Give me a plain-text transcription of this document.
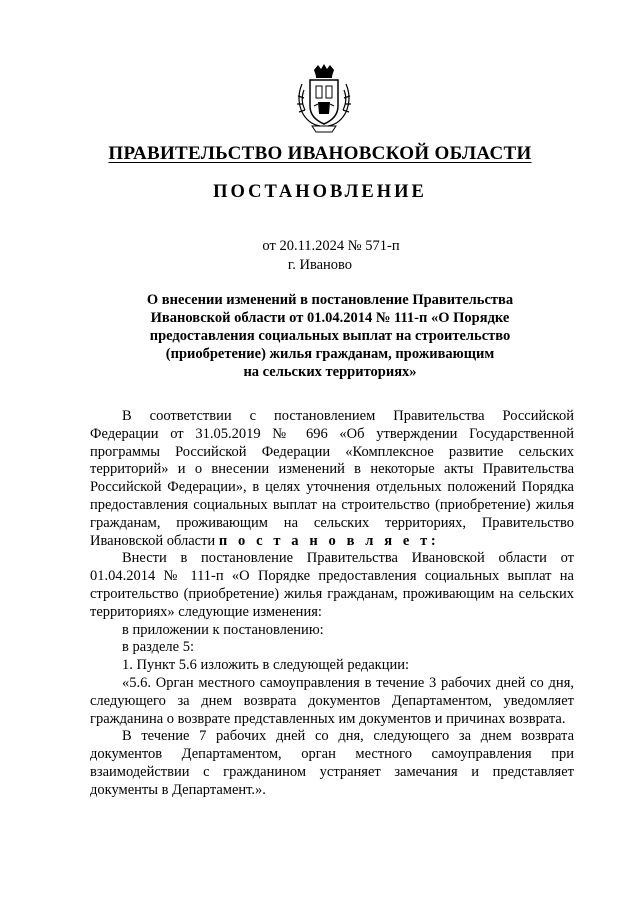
ПРАВИТЕЛЬСТВО ИВАНОВСКОЙ ОБЛАСТИ
ПОСТАНОВЛЕНИЕ
от 20.11.2024 № 571-п
г. Иваново
О внесении изменений в постановление Правительства
Ивановской области от 01.04.2014 № 111-п «О Порядке
предоставления социальных выплат на строительство
(приобретение) жилья гражданам, проживающим
на сельских территориях»

В соответствии с постановлением Правительства Российской Федерации от 31.05.2019 № 696 «Об утверждении Государственной программы Российской Федерации «Комплексное развитие сельских территорий» и о внесении изменений в некоторые акты Правительства Российской Федерации», в целях уточнения отдельных положений Порядка предоставления социальных выплат на строительство (приобретение) жилья гражданам, проживающим на сельских территориях, Правительство Ивановской области п о с т а н о в л я е т:

Внести в постановление Правительства Ивановской области от 01.04.2014 № 111-п «О Порядке предоставления социальных выплат на строительство (приобретение) жилья гражданам, проживающим на сельских территориях» следующие изменения:

в приложении к постановлению:

в разделе 5:

1. Пункт 5.6 изложить в следующей редакции:

«5.6. Орган местного самоуправления в течение 3 рабочих дней со дня, следующего за днем возврата документов Департаментом, уведомляет гражданина о возврате представленных им документов и причинах возврата.

В течение 7 рабочих дней со дня, следующего за днем возврата документов Департаментом, орган местного самоуправления при взаимодействии с гражданином устраняет замечания и представляет документы в Департамент.».
